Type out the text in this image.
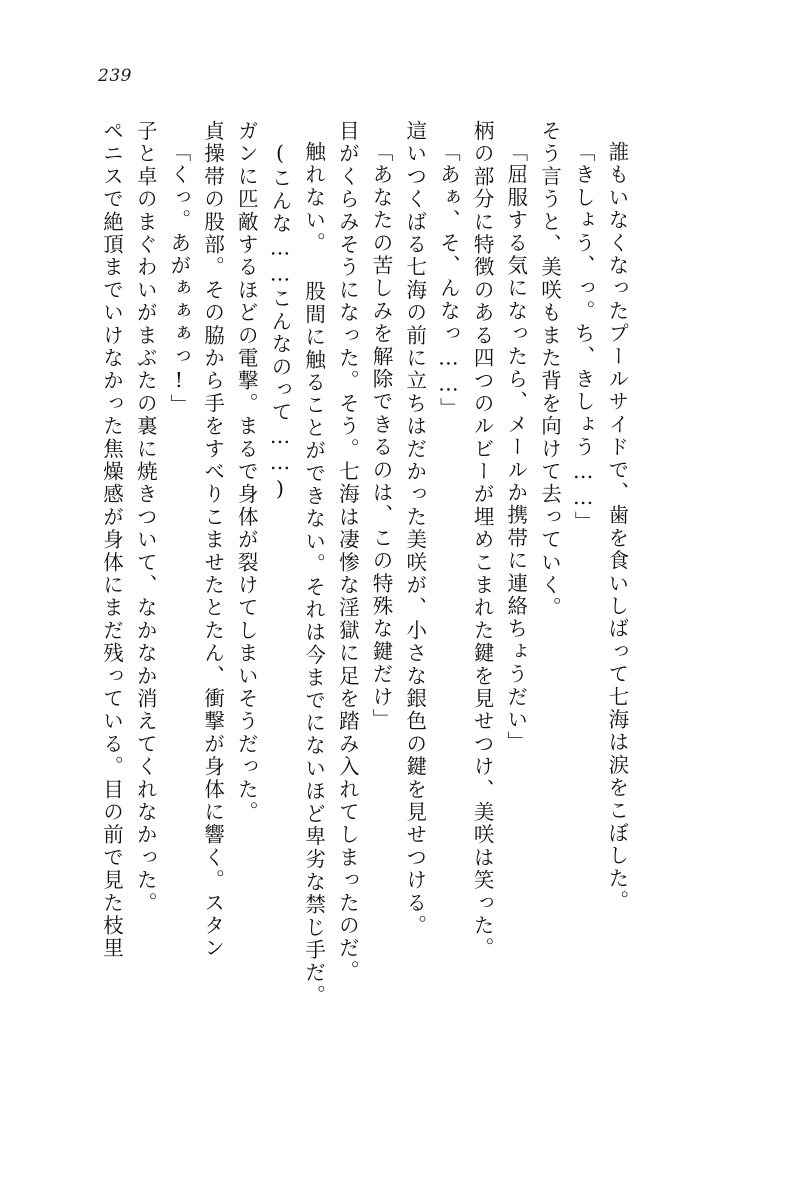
239
ペニスで絶頂までいけなかった焦燥感が身体にまだ残っている。目の前で見た枝里 子と卓のまぐわいがまぶたの裏に焼きついて、なかなか消えてくれなかった。 「くっ。あがぁぁぁっ!」 貞操帯の股部。その脇から手をすべりこませたとたん、衝撃が身体に響く。スタン ガンに匹敵するほどの電撃。まるで身体が裂けてしまいそうだった。 (こんな……こんなのって……) 触れない。 股間に触ることができない。それは今までにないほど卑劣な禁じ手だ。 目がくらみそうになった。そう。七海は凄惨な淫獄に足を踏み入れてしまったのだ。 「あなたの苦しみを解除できるのは、この特殊な鍵だけ」 這いつくばる七海の前に立ちはだかった美咲が、小さな銀色の鍵を見せつける。 「あぁ、そ、んなっ……」 柄の部分に特徴のある四つのルビーが埋めこまれた鍵を見せつけ、美咲は笑った。 「屈服する気になったら、メールか携帯に連絡ちょうだい」 そう言うと、美咲もまた背を向けて去っていく。 「きしょう、っ。ち、きしょう……」 誰もいなくなったプールサイドで、歯を食いしばって七海は涙をこぼした。
